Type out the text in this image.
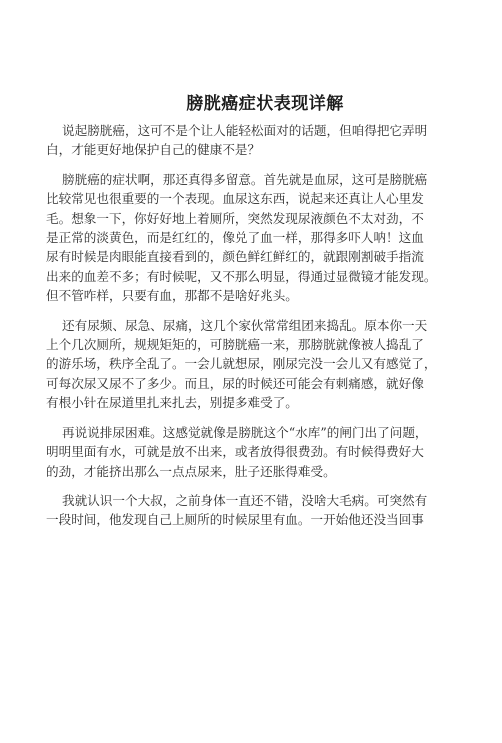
膀胱癌症状表现详解
说起膀胱癌，这可不是个让人能轻松面对的话题，但咱得把它弄明
白，才能更好地保护自己的健康不是？
膀胱癌的症状啊，那还真得多留意。首先就是血尿，这可是膀胱癌
比较常见也很重要的一个表现。血尿这东西，说起来还真让人心里发
毛。想象一下，你好好地上着厕所，突然发现尿液颜色不太对劲，不
是正常的淡黄色，而是红红的，像兑了血一样，那得多吓人呐！这血
尿有时候是肉眼能直接看到的，颜色鲜红鲜红的，就跟刚割破手指流
出来的血差不多；有时候呢，又不那么明显，得通过显微镜才能发现。
但不管咋样，只要有血，那都不是啥好兆头。
还有尿频、尿急、尿痛，这几个家伙常常组团来捣乱。原本你一天
上个几次厕所，规规矩矩的，可膀胱癌一来，那膀胱就像被人捣乱了
的游乐场，秩序全乱了。一会儿就想尿，刚尿完没一会儿又有感觉了，
可每次尿又尿不了多少。而且，尿的时候还可能会有刺痛感，就好像
有根小针在尿道里扎来扎去，别提多难受了。
再说说排尿困难。这感觉就像是膀胱这个“水库”的闸门出了问题，
明明里面有水，可就是放不出来，或者放得很费劲。有时候得费好大
的劲，才能挤出那么一点点尿来，肚子还胀得难受。
我就认识一个大叔，之前身体一直还不错，没啥大毛病。可突然有
一段时间，他发现自己上厕所的时候尿里有血。一开始他还没当回事
